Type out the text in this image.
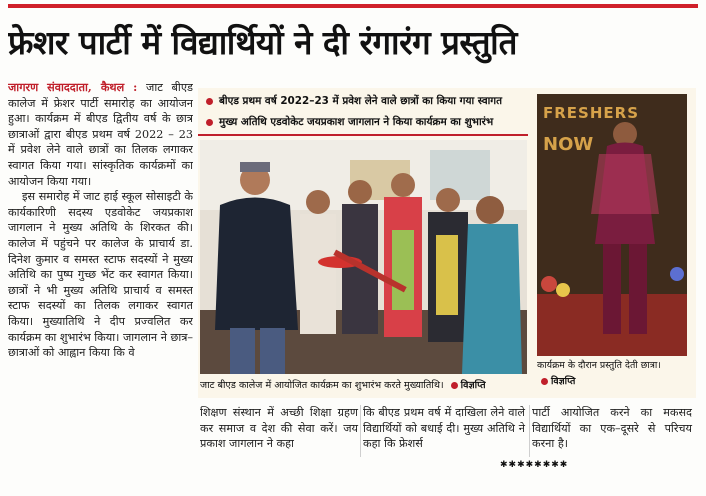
फ्रेशर पार्टी में विद्यार्थियों ने दी रंगारंग प्रस्तुति

जागरण संवाददाता, कैथल : जाट बीएड कालेज में फ्रेशर पार्टी समारोह का आयोजन हुआ। कार्यक्रम में बीएड द्वितीय वर्ष के छात्र छात्राओं द्वारा बीएड प्रथम वर्ष 2022 – 23 में प्रवेश लेने वाले छात्रों का तिलक लगाकर स्वागत किया गया। सांस्कृतिक कार्यक्रमों का आयोजन किया गया।

इस समारोह में जाट हाई स्कूल सोसाइटी के कार्यकारिणी सदस्य एडवोकेट जयप्रकाश जागलान ने मुख्य अतिथि के शिरकत की। कालेज में पहुंचने पर कालेज के प्राचार्य डा. दिनेश कुमार व समस्त स्टाफ सदस्यों ने मुख्य अतिथि का पुष्प गुच्छ भेंट कर स्वागत किया। छात्रों ने भी मुख्य अतिथि प्राचार्य व समस्त स्टाफ सदस्यों का तिलक लगाकर स्वागत किया। मुख्यातिथि ने दीप प्रज्वलित कर कार्यक्रम का शुभारंभ किया। जागलान ने छात्र–छात्राओं को आह्वान किया कि वे

बीएड प्रथम वर्ष 2022–23 में प्रवेश लेने वाले छात्रों का किया गया स्वागत
मुख्य अतिथि एडवोकेट जयप्रकाश जागलान ने किया कार्यक्रम का शुभारंभ
जाट बीएड कालेज में आयोजित कार्यक्रम का शुभारंभ करते मुख्यातिथि। विज्ञप्ति
FRESHERS
NOW
कार्यक्रम के दौरान प्रस्तुति देती छात्रा।
विज्ञप्ति
शिक्षण संस्थान में अच्छी शिक्षा ग्रहण कर समाज व देश की सेवा करें। जय प्रकाश जागलान ने कहा
कि बीएड प्रथम वर्ष में दाखिला लेने वाले विद्यार्थियों को बधाई दी। मुख्य अतिथि ने कहा कि फ्रेशर्स
पार्टी आयोजित करने का मकसद विद्यार्थियों का एक–दूसरे से परिचय करना है।
✱✱✱✱✱✱✱✱
